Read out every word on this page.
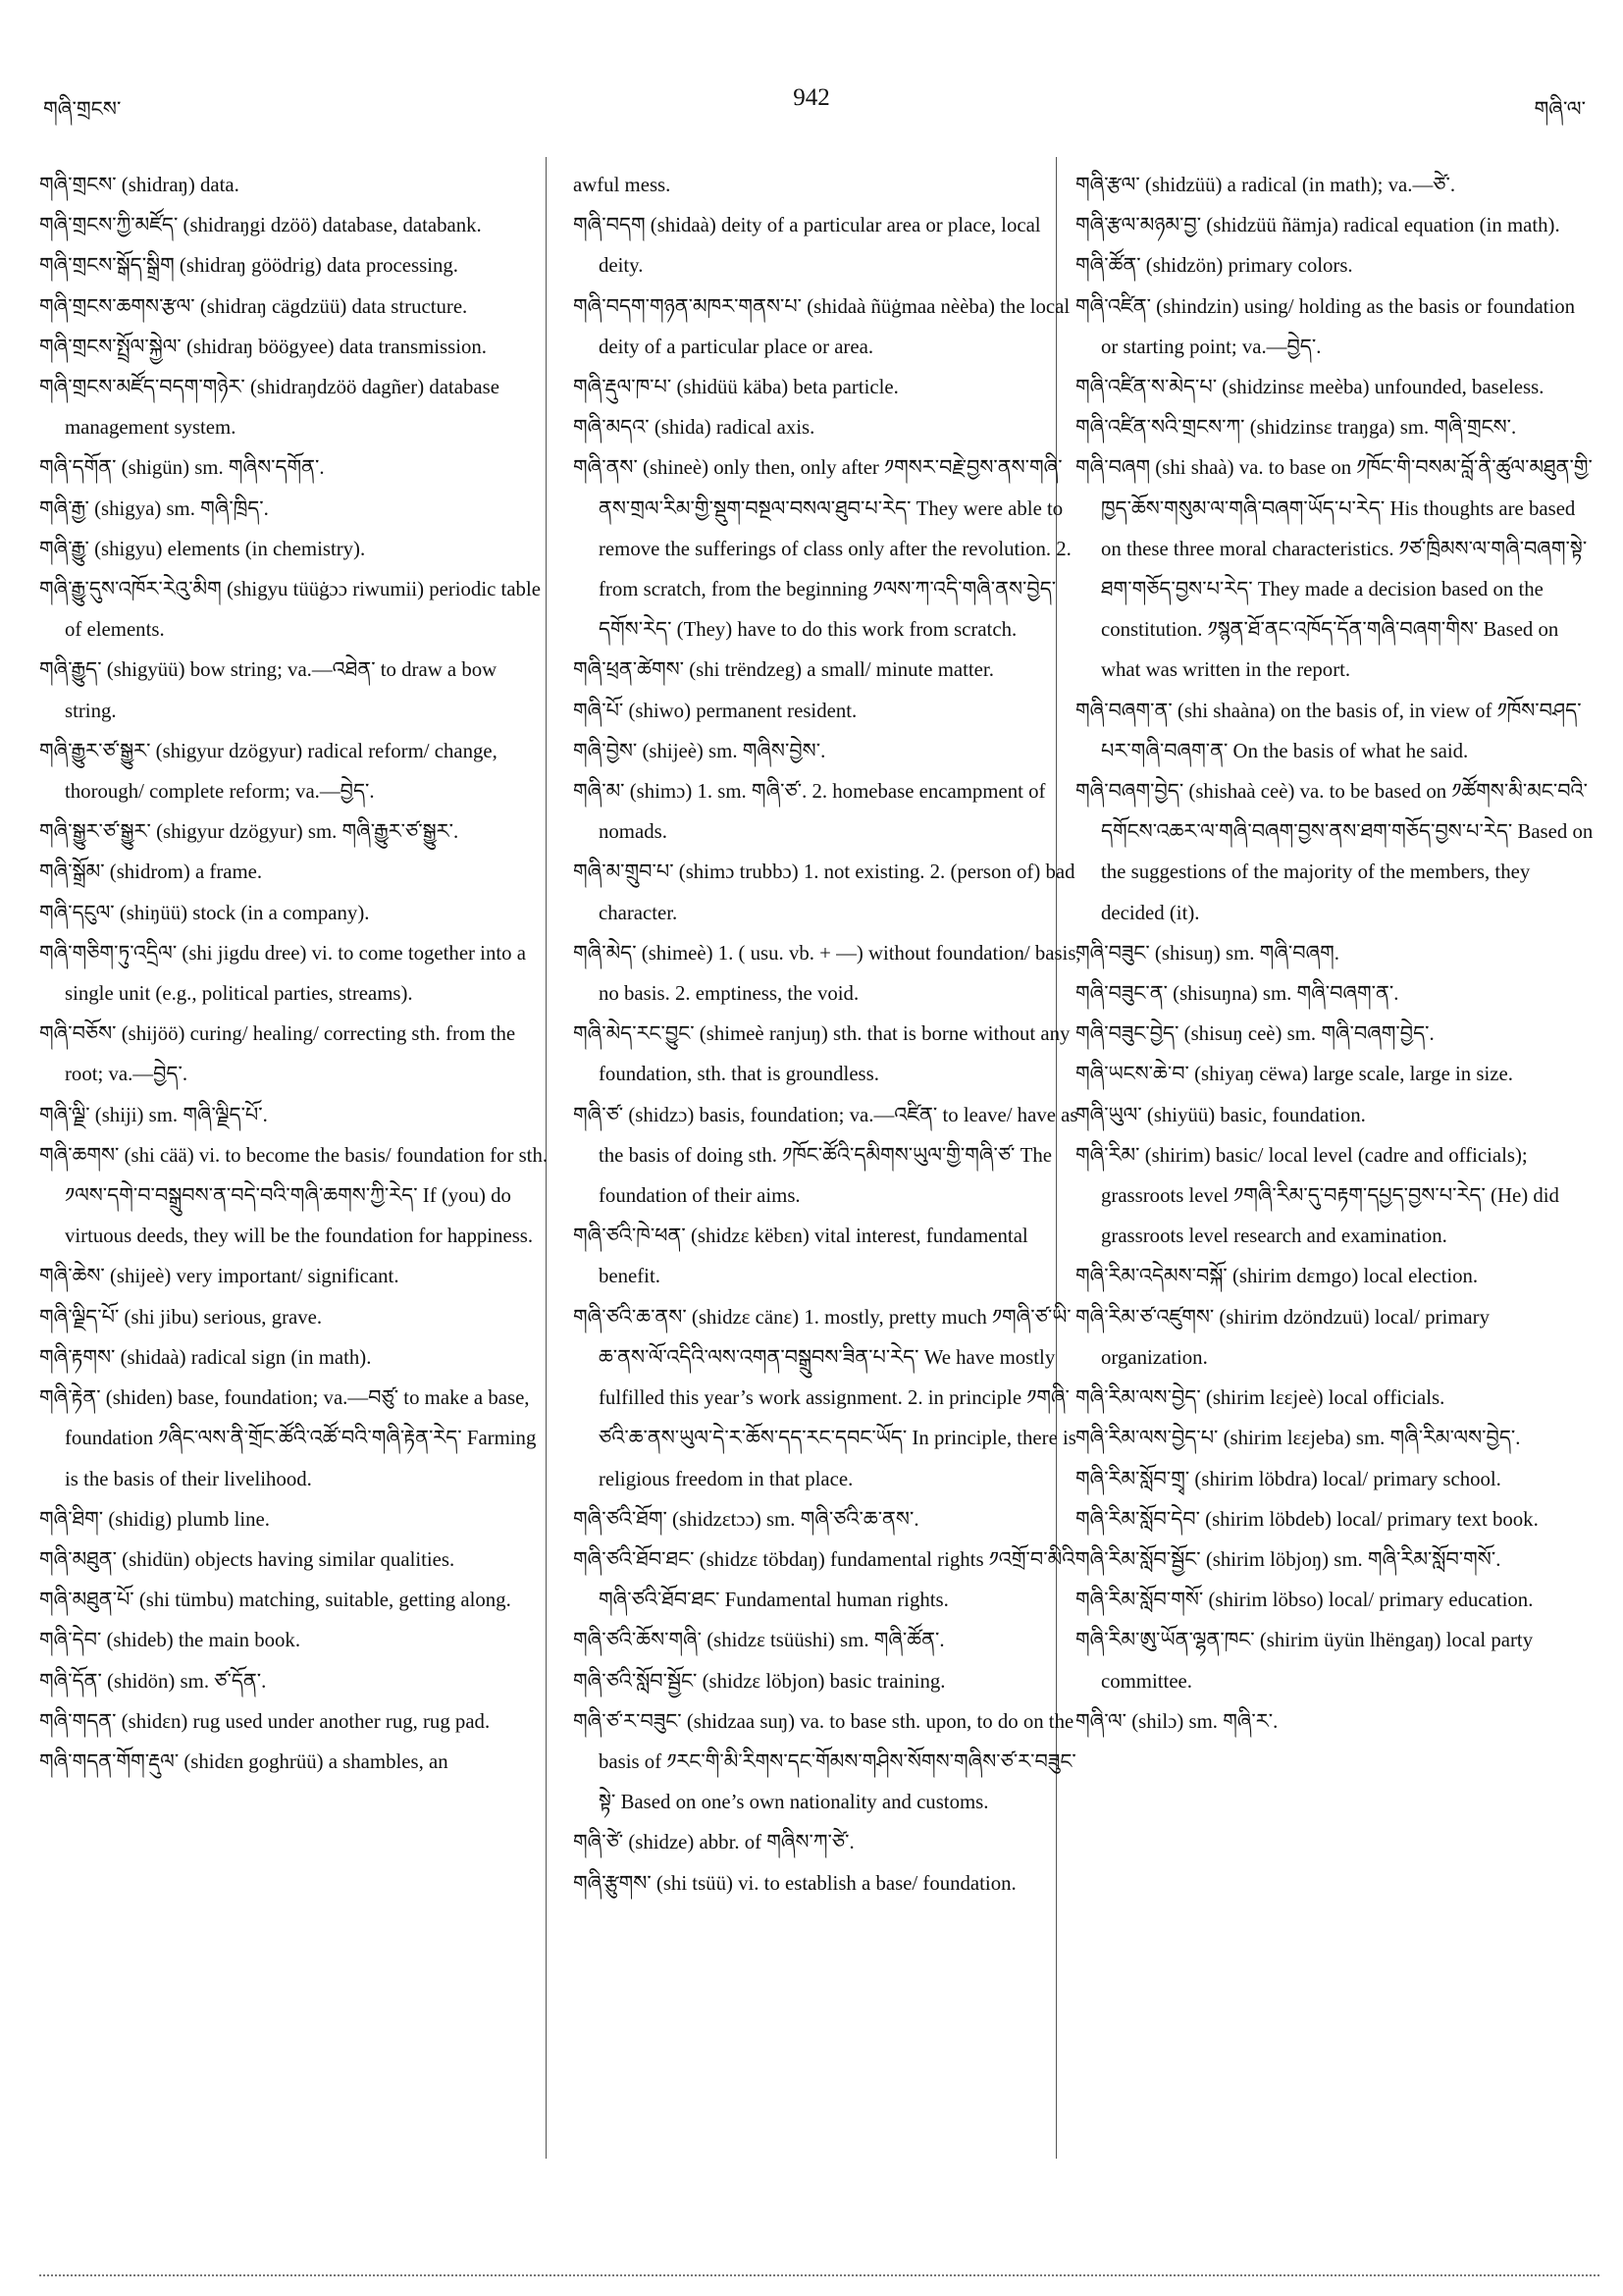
གཞི་གྲངས་	942	གཞི་ལ་

གཞི་གྲངས་ (shidraŋ) data.

གཞི་གྲངས་ཀྱི་མཛོད་ (shidraŋgi dzöö) database, databank.

གཞི་གྲངས་སྒོད་སྒྲིག (shidraŋ göödrig) data processing.

གཞི་གྲངས་ཆགས་རྩལ་ (shidraŋ cägdzüü) data structure.

གཞི་གྲངས་སྤྲོལ་སྐྱེལ་ (shidraŋ böögyee) data transmission.

གཞི་གྲངས་མཛོད་བདག་གཉེར་ (shidraŋdzöö dagñer) database management system.

གཞི་དགོན་ (shigün) sm. གཞིས་དགོན་.

གཞི་རྒྱ་ (shigya) sm. གཞི་ཁྲིད་.

གཞི་རྒྱུ་ (shigyu) elements (in chemistry).

གཞི་རྒྱུ་དུས་འཁོར་རེའུ་མིག (shigyu tüüġɔɔ riwumii) periodic table of elements.

གཞི་རྒྱུད་ (shigyüü) bow string; va.—འཐེན་ to draw a bow string.

གཞི་རྒྱུར་ཙ་སྒྱུར་ (shigyur dzögyur) radical reform/ change, thorough/ complete reform; va.—བྱེད་.

གཞི་སྒྱུར་ཙ་སྒྱུར་ (shigyur dzögyur) sm. གཞི་རྒྱུར་ཙ་སྒྱུར་.

གཞི་སྒྲོམ་ (shidrom) a frame.

གཞི་དངུལ་ (shiŋüü) stock (in a company).

གཞི་གཅིག་ཏུ་འདྲིལ་ (shi jigdu dree) vi. to come together into a single unit (e.g., political parties, streams).

གཞི་བཅོས་ (shijöö) curing/ healing/ correcting sth. from the root; va.—བྱེད་.

གཞི་ལྗི་ (shiji) sm. གཞི་ལྗིད་པོ་.

གཞི་ཆགས་ (shi cää) vi. to become the basis/ foundation for sth. ༡ལས་དགེ་བ་བསྒྲུབས་ན་བདེ་བའི་གཞི་ཆགས་ཀྱི་རེད་ If (you) do virtuous deeds, they will be the foundation for happiness.

གཞི་ཆེས་ (shijeè) very important/ significant.

གཞི་ལྗིད་པོ་ (shi jibu) serious, grave.

གཞི་རྟགས་ (shidaà) radical sign (in math).

གཞི་རྟེན་ (shiden) base, foundation; va.—བཙུ་ to make a base, foundation ༡ཞིང་ལས་ནི་གྲོང་ཚོའི་འཚོ་བའི་གཞི་རྟེན་རེད་ Farming is the basis of their livelihood.

གཞི་ཐིག་ (shidig) plumb line.

གཞི་མཐུན་ (shidün) objects having similar qualities.

གཞི་མཐུན་པོ་ (shi tümbu) matching, suitable, getting along.

གཞི་དེབ་ (shideb) the main book.

གཞི་དོན་ (shidön) sm. ཙ་དོན་.

གཞི་གདན་ (shidɛn) rug used under another rug, rug pad.

གཞི་གདན་གོག་རྡུལ་ (shidɛn goghrüü) a shambles, an

awful mess.

གཞི་བདག (shidaà) deity of a particular area or place, local deity.

གཞི་བདག་གཉན་མཁར་གནས་པ་ (shidaà ñüġmaa nèèba) the local deity of a particular place or area.

གཞི་རྡུལ་ཁ་པ་ (shidüü käba) beta particle.

གཞི་མདའ་ (shida) radical axis.

གཞི་ནས་ (shineè) only then, only after ༡གསར་བརྗེ་བྱས་ནས་གཞི་ནས་གྲལ་རིམ་གྱི་སྡུག་བསྔལ་བསལ་ཐུབ་པ་རེད་ They were able to remove the sufferings of class only after the revolution. 2. from scratch, from the beginning ༡ལས་ཀ་འདི་གཞི་ནས་བྱེད་དགོས་རེད་ (They) have to do this work from scratch.

གཞི་ཕྲན་ཚེགས་ (shi trëndzeg) a small/ minute matter.

གཞི་པོ་ (shiwo) permanent resident.

གཞི་བྱེས་ (shijeè) sm. གཞིས་བྱེས་.

གཞི་མ་ (shimɔ) 1. sm. གཞི་ཙ་. 2. homebase encampment of nomads.

གཞི་མ་གྲུབ་པ་ (shimɔ trubbɔ) 1. not existing. 2. (person of) bad character.

གཞི་མེད་ (shimeè) 1. ( usu. vb. + —) without foundation/ basis, no basis. 2. emptiness, the void.

གཞི་མེད་རང་བྱུང་ (shimeè ranjuŋ) sth. that is borne without any foundation, sth. that is groundless.

གཞི་ཙ་ (shidzɔ) basis, foundation; va.—འཛིན་ to leave/ have as the basis of doing sth. ༡ཁོང་ཚོའི་དམིགས་ཡུལ་གྱི་གཞི་ཙ་ The foundation of their aims.

གཞི་ཙའི་ཁེ་ཕན་ (shidzɛ këbɛn) vital interest, fundamental benefit.

གཞི་ཙའི་ཆ་ནས་ (shidzɛ cänɛ) 1. mostly, pretty much ༡གཞི་ཙ་ཡི་ཆ་ནས་ལོ་འདིའི་ལས་འགན་བསྒྲུབས་ཟིན་པ་རེད་ We have mostly fulfilled this year’s work assignment. 2. in principle ༡གཞི་ཙའི་ཆ་ནས་ཡུལ་དེ་ར་ཆོས་དད་རང་དབང་ཡོད་ In principle, there is religious freedom in that place.

གཞི་ཙའི་ཐོག་ (shidzɛtɔɔ) sm. གཞི་ཙའི་ཆ་ནས་.

གཞི་ཙའི་ཐོབ་ཐང་ (shidzɛ töbdaŋ) fundamental rights ༡འགྲོ་བ་མིའི་གཞི་ཙའི་ཐོབ་ཐང་ Fundamental human rights.

གཞི་ཙའི་ཆོས་གཞི་ (shidzɛ tsüüshi) sm. གཞི་ཚོན་.

གཞི་ཙའི་སློབ་སྦྱོང་ (shidzɛ löbjon) basic training.

གཞི་ཙ་ར་བཟུང་ (shidzaa suŋ) va. to base sth. upon, to do on the basis of ༡རང་གི་མི་རིགས་དང་གོམས་གཤིས་སོགས་གཞིས་ཙ་ར་བཟུང་སྟེ་ Based on one’s own nationality and customs.

གཞི་ཙེ་ (shidze) abbr. of གཞིས་ཀ་ཙེ་.

གཞི་རྩུགས་ (shi tsüü) vi. to establish a base/ foundation.

གཞི་རྩལ་ (shidzüü) a radical (in math); va.—ཙེ་.

གཞི་རྩལ་མཉམ་བྱ་ (shidzüü ñämja) radical equation (in math).

གཞི་ཚོན་ (shidzön) primary colors.

གཞི་འཛིན་ (shindzin) using/ holding as the basis or foundation or starting point; va.—བྱེད་.

གཞི་འཛིན་ས་མེད་པ་ (shidzinsɛ meèba) unfounded, baseless.

གཞི་འཛིན་སའི་གྲངས་ཀ་ (shidzinsɛ traŋga) sm. གཞི་གྲངས་.

གཞི་བཞག (shi shaà) va. to base on ༡ཁོང་གི་བསམ་བློ་ནི་ཚུལ་མཐུན་གྱི་ཁྱད་ཆོས་གསུམ་ལ་གཞི་བཞག་ཡོད་པ་རེད་ His thoughts are based on these three moral characteristics. ༡ཙ་ཁྲིམས་ལ་གཞི་བཞག་སྟེ་ཐག་གཅོད་བྱས་པ་རེད་ They made a decision based on the constitution. ༡སྙན་ཐོ་ནང་འཁོད་དོན་གཞི་བཞག་གིས་ Based on what was written in the report.

གཞི་བཞག་ན་ (shi shaàna) on the basis of, in view of ༡ཁོས་བཤད་པར་གཞི་བཞག་ན་ On the basis of what he said.

གཞི་བཞག་བྱེད་ (shishaà ceè) va. to be based on ༡ཚོགས་མི་མང་བའི་དགོངས་འཆར་ལ་གཞི་བཞག་བྱས་ནས་ཐག་གཅོད་བྱས་པ་རེད་ Based on the suggestions of the majority of the members, they decided (it).

གཞི་བཟུང་ (shisuŋ) sm. གཞི་བཞག.

གཞི་བཟུང་ན་ (shisuŋna) sm. གཞི་བཞག་ན་.

གཞི་བཟུང་བྱེད་ (shisuŋ ceè) sm. གཞི་བཞག་བྱེད་.

གཞི་ཡངས་ཆེ་བ་ (shiyaŋ cëwa) large scale, large in size.

གཞི་ཡུལ་ (shiyüü) basic, foundation.

གཞི་རིམ་ (shirim) basic/ local level (cadre and officials); grassroots level ༡གཞི་རིམ་དུ་བརྟག་དཔྱད་བྱས་པ་རེད་ (He) did grassroots level research and examination.

གཞི་རིམ་འདེམས་བསྐོ་ (shirim dɛmgo) local election.

གཞི་རིམ་ཙ་འཛུགས་ (shirim dzöndzuü) local/ primary organization.

གཞི་རིམ་ལས་བྱེད་ (shirim lɛɛjeè) local officials.

གཞི་རིམ་ལས་བྱེད་པ་ (shirim lɛɛjeba) sm. གཞི་རིམ་ལས་བྱེད་.

གཞི་རིམ་སློབ་གྲྭ་ (shirim löbdra) local/ primary school.

གཞི་རིམ་སློབ་དེབ་ (shirim löbdeb) local/ primary text book.

གཞི་རིམ་སློབ་སྦྱོང་ (shirim löbjoŋ) sm. གཞི་རིམ་སློབ་གསོ་.

གཞི་རིམ་སློབ་གསོ་ (shirim löbso) local/ primary education.

གཞི་རིམ་ཨུ་ཡོན་ལྷན་ཁང་ (shirim üyün lhëngaŋ) local party committee.

གཞི་ལ་ (shilɔ) sm. གཞི་ར་.
